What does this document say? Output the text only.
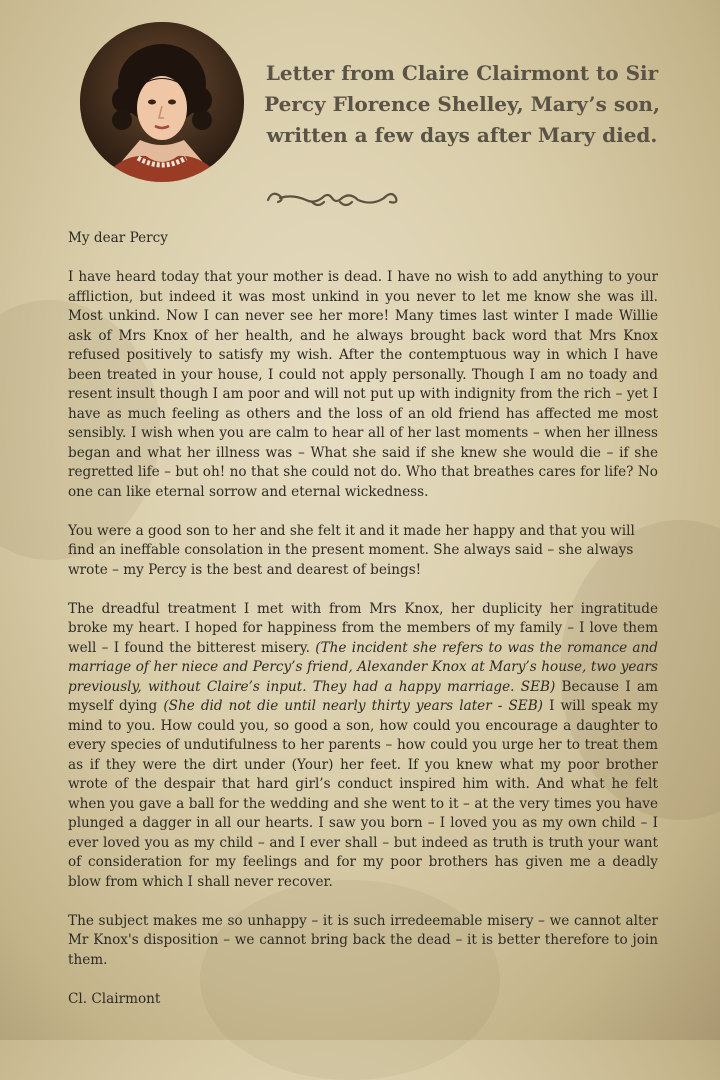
Letter from Claire Clairmont to Sir Percy Florence Shelley, Mary’s son, written a few days after Mary died.

My dear Percy

I have heard today that your mother is dead. I have no wish to add anything to your affliction, but indeed it was most unkind in you never to let me know she was ill. Most unkind. Now I can never see her more! Many times last winter I made Willie ask of Mrs Knox of her health, and he always brought back word that Mrs Knox refused positively to satisfy my wish. After the contemptuous way in which I have been treated in your house, I could not apply personally. Though I am no toady and resent insult though I am poor and will not put up with indignity from the rich – yet I have as much feeling as others and the loss of an old friend has affected me most sensibly. I wish when you are calm to hear all of her last moments – when her illness began and what her illness was – What she said if she knew she would die – if she regretted life – but oh! no that she could not do. Who that breathes cares for life? No one can like eternal sorrow and eternal wickedness.

You were a good son to her and she felt it and it made her happy and that you will find an ineffable consolation in the present moment. She always said – she always wrote – my Percy is the best and dearest of beings!

The dreadful treatment I met with from Mrs Knox, her duplicity her ingratitude broke my heart. I hoped for happiness from the members of my family – I love them well – I found the bitterest misery. (The incident she refers to was the romance and marriage of her niece and Percy’s friend, Alexander Knox at Mary’s house, two years previously, without Claire’s input. They had a happy marriage. SEB) Because I am myself dying (She did not die until nearly thirty years later - SEB) I will speak my mind to you. How could you, so good a son, how could you encourage a daughter to every species of undutifulness to her parents – how could you urge her to treat them as if they were the dirt under (Your) her feet. If you knew what my poor brother wrote of the despair that hard girl’s conduct inspired him with. And what he felt when you gave a ball for the wedding and she went to it – at the very times you have plunged a dagger in all our hearts. I saw you born – I loved you as my own child – I ever loved you as my child – and I ever shall – but indeed as truth is truth your want of consideration for my feelings and for my poor brothers has given me a deadly blow from which I shall never recover.

The subject makes me so unhappy – it is such irredeemable misery – we cannot alter Mr Knox's disposition – we cannot bring back the dead – it is better therefore to join them.

Cl. Clairmont
